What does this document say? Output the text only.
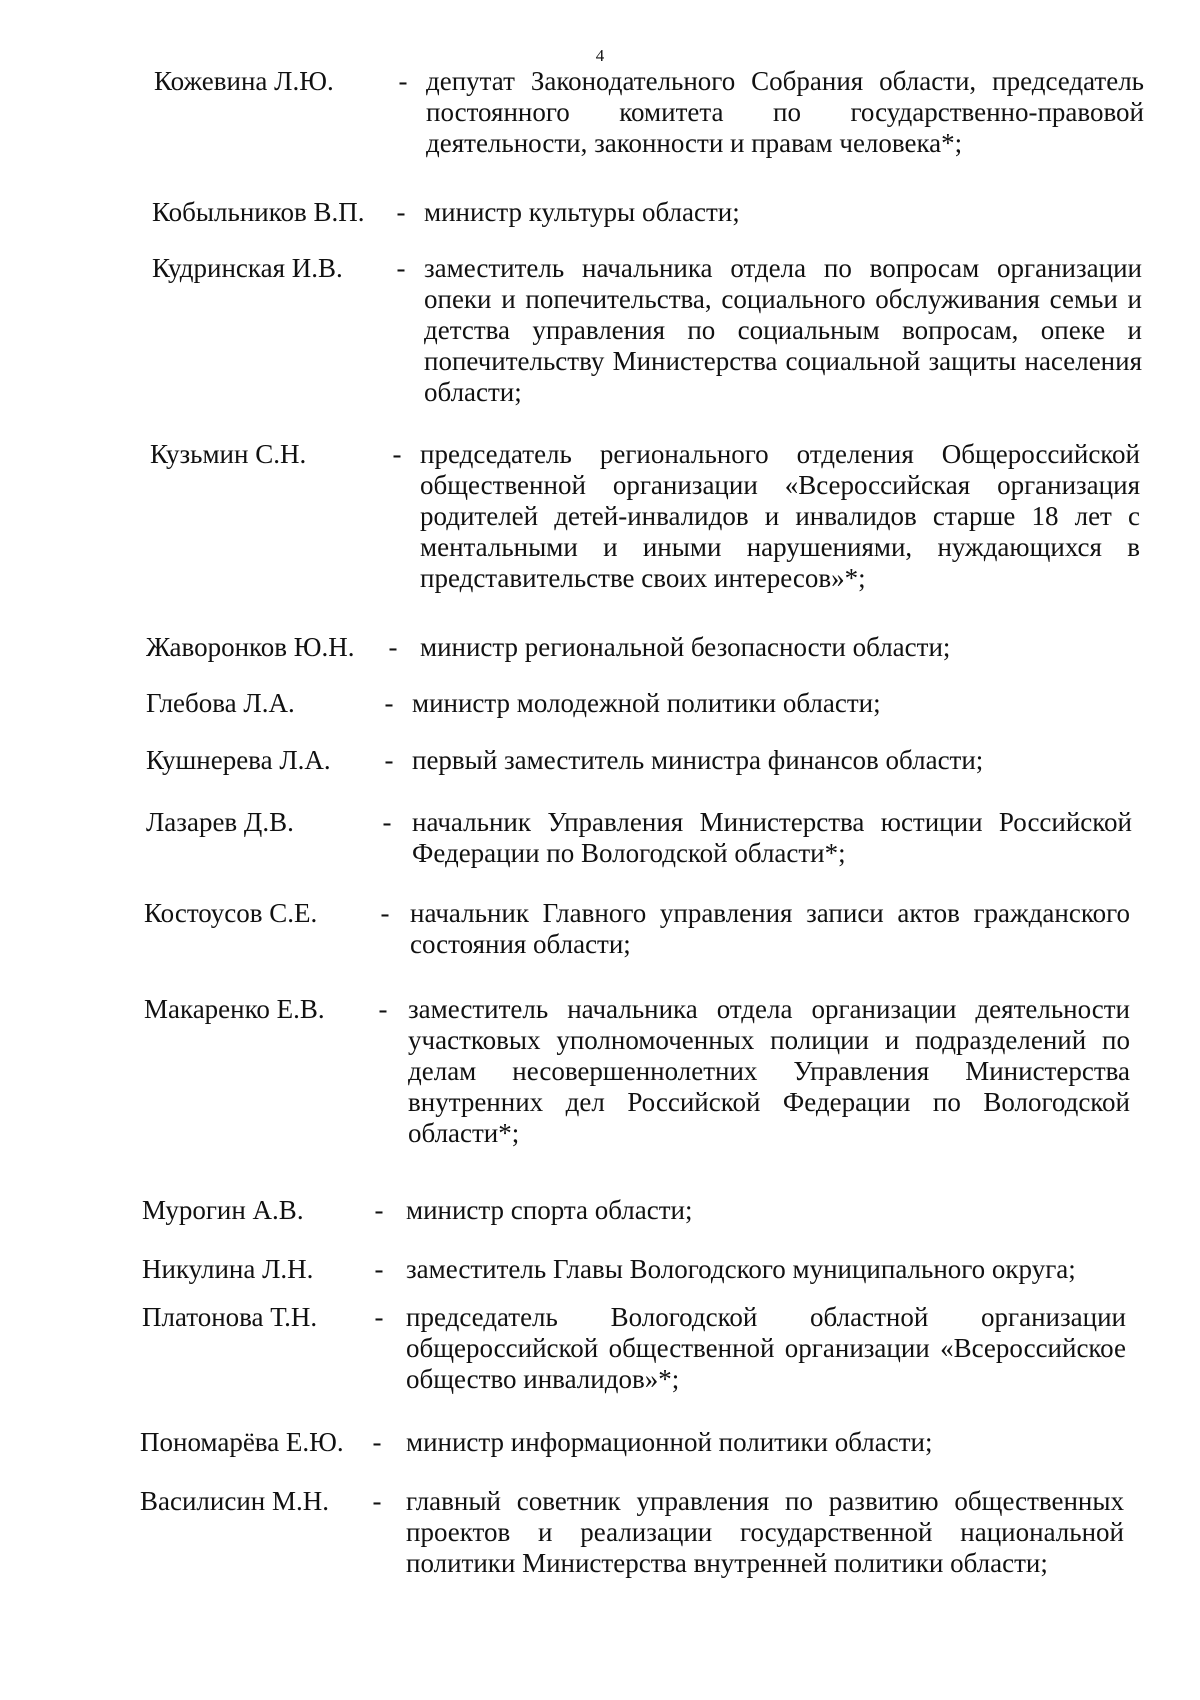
4
Кожевина Л.Ю. - депутат Законодательного Собрания области, председатель постоянного комитета по государственно-правовой деятельности, законности и правам человека*;
Кобыльников В.П. - министр культуры области;
Кудринская И.В. - заместитель начальника отдела по вопросам организации опеки и попечительства, социального обслуживания семьи и детства управления по социальным вопросам, опеке и попечительству Министерства социальной защиты населения области;
Кузьмин С.Н.	- председатель регионального отделения Общероссийской общественной организации «Всероссийская организация родителей детей-инвалидов и инвалидов старше 18 лет с ментальными и иными нарушениями, нуждающихся в представительстве своих интересов»*;
Жаворонков Ю.Н. - министр региональной безопасности области;
Глебова Л.А.	- министр молодежной политики области;
Кушнерева Л.А. - первый заместитель министра финансов области;
Лазарев Д.В.	- начальник Управления Министерства юстиции Российской Федерации по Вологодской области*;
Костоусов С.Е. - начальник Главного управления записи актов гражданского состояния области;
Макаренко Е.В. - заместитель начальника отдела организации деятельности участковых уполномоченных полиции и подразделений по делам несовершеннолетних Управления Министерства внутренних дел Российской Федерации по Вологодской области*;
Мурогин А.В.	- министр спорта области;
Никулина Л.Н. - заместитель Главы Вологодского муниципального округа;
Платонова Т.Н. - председатель Вологодской областной организации общероссийской общественной организации «Всероссийское общество инвалидов»*;
Пономарёва Е.Ю. - министр информационной политики области;
Василисин М.Н. - главный советник управления по развитию общественных проектов и реализации государственной национальной политики Министерства внутренней политики области;
